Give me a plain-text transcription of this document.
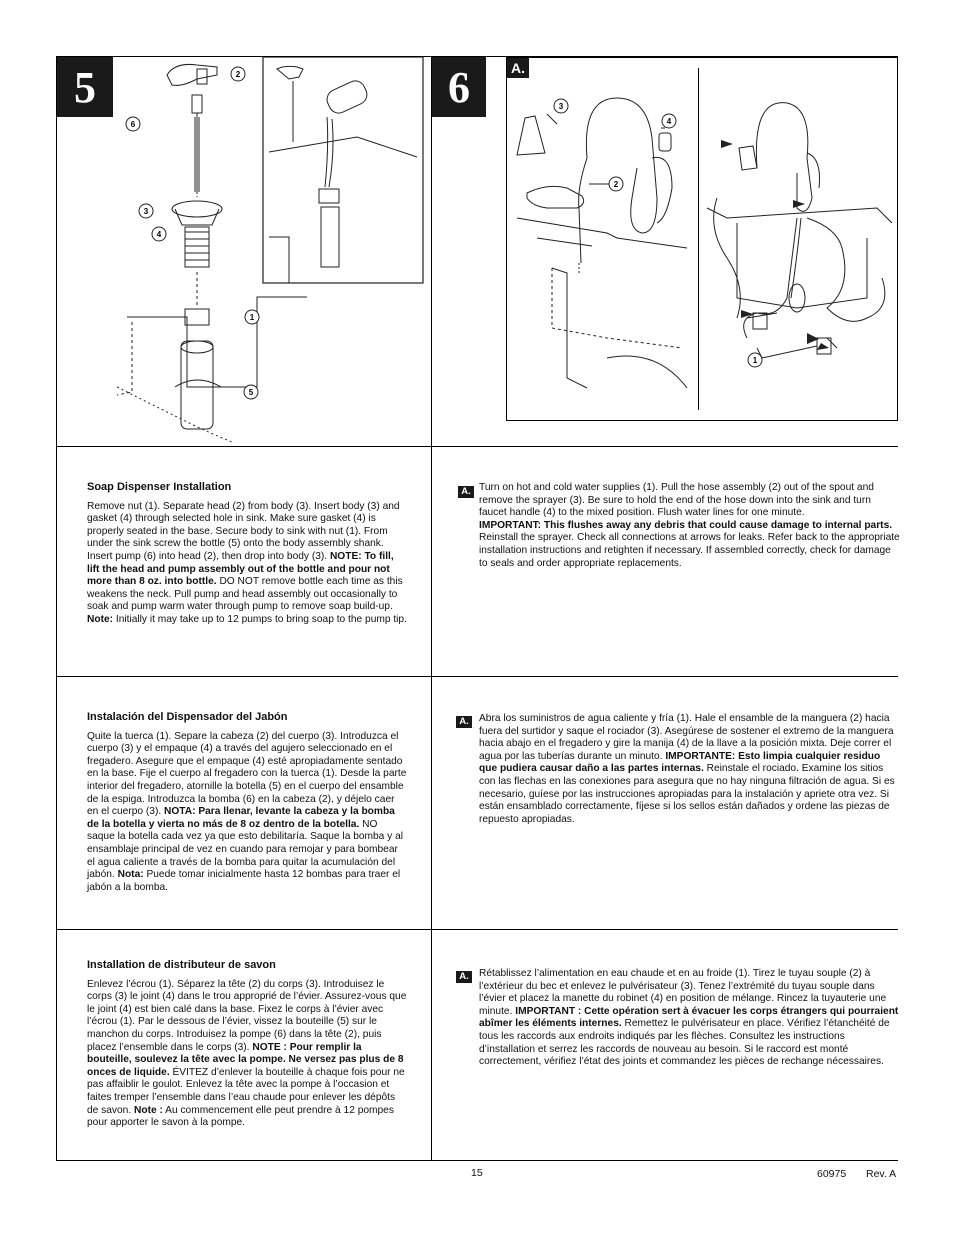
5	6
2
6
3
4
1
5
A.
3
4
2
1
Soap Dispenser Installation

Remove nut (1). Separate head (2) from body (3). Insert body (3) and gasket (4) through selected hole in sink. Make sure gasket (4) is properly seated in the base. Secure body to sink with nut (1). From under the sink screw the bottle (5) onto the body assembly shank. Insert pump (6) into head (2), then drop into body (3). NOTE: To fill, lift the head and pump assembly out of the bottle and pour not more than 8 oz. into bottle. DO NOT remove bottle each time as this weakens the neck. Pull pump and head assembly out occasionally to soak and pump warm water through pump to remove soap build-up. Note: Initially it may take up to 12 pumps to bring soap to the pump tip.

A. Turn on hot and cold water supplies (1). Pull the hose assembly (2) out of the spout and remove the sprayer (3). Be sure to hold the end of the hose down into the sink and turn faucet handle (4) to the mixed position. Flush water lines for one minute.
IMPORTANT: This flushes away any debris that could cause damage to internal parts. Reinstall the sprayer. Check all connections at arrows for leaks. Refer back to the appropriate installation instructions and retighten if necessary. If assembled correctly, check for damage to seals and order appropriate replacements.
Instalación del Dispensador del Jabón

Quite la tuerca (1). Separe la cabeza (2) del cuerpo (3). Introduzca el cuerpo (3) y el empaque (4) a través del agujero seleccionado en el fregadero. Asegure que el empaque (4) esté apropiadamente sentado en la base. Fije el cuerpo al fregadero con la tuerca (1). Desde la parte interior del fregadero, atornille la botella (5) en el cuerpo del ensamble de la espiga. Introduzca la bomba (6) en la cabeza (2), y déjelo caer en el cuerpo (3). NOTA: Para llenar, levante la cabeza y la bomba de la botella y vierta no más de 8 oz dentro de la botella. NO saque la botella cada vez ya que esto debilitaría. Saque la bomba y al ensamblaje principal de vez en cuando para remojar y para bombear el agua caliente a través de la bomba para quitar la acumulación del jabón. Nota: Puede tomar inicialmente hasta 12 bombas para traer el jabón a la bomba.

A.	Abra los suministros de agua caliente y fría (1). Hale el ensamble de la manguera (2) hacia fuera del surtidor y saque el rociador (3). Asegúrese de sostener el extremo de la manguera hacia abajo en el fregadero y gire la manija (4) de la llave a la posición mixta. Deje correr el agua por las tuberías durante un minuto. IMPORTANTE: Esto limpia cualquier residuo que pudiera causar daño a las partes internas. Reinstale el rociado. Examine los sitios con las flechas en las conexiones para asegura que no hay ninguna filtración de agua. Si es necesario, guíese por las instrucciones apropiadas para la instalación y apriete otra vez. Si están ensamblado correctamente, fíjese si los sellos están dañados y ordene las piezas de repuesto apropiadas.
Installation de distributeur de savon

Enlevez l’écrou (1). Séparez la tête (2) du corps (3). Introduisez le corps (3) le joint (4) dans le trou approprié de l’évier. Assurez-vous que le joint (4) est bien calé dans la base. Fixez le corps à l’évier avec l’écrou (1). Par le dessous de l’évier, vissez la bouteille (5) sur le manchon du corps. Introduisez la pompe (6) dans la tête (2), puis placez l’ensemble dans le corps (3). NOTE : Pour remplir la bouteille, soulevez la tête avec la pompe. Ne versez pas plus de 8 onces de liquide. ÉVITEZ d’enlever la bouteille à chaque fois pour ne pas affaiblir le goulot. Enlevez la tête avec la pompe à l’occasion et faites tremper l’ensemble dans l’eau chaude pour enlever les dépôts de savon. Note : Au commencement elle peut prendre à 12 pompes pour apporter le savon à la pompe.

A.	Rétablissez l’alimentation en eau chaude et en au froide (1). Tirez le tuyau souple (2) à l’extérieur du bec et enlevez le pulvérisateur (3). Tenez l’extrémité du tuyau souple dans l’évier et placez la manette du robinet (4) en position de mélange. Rincez la tuyauterie une minute. IMPORTANT : Cette opération sert à évacuer les corps étrangers qui pourraient abîmer les éléments internes. Remettez le pulvérisateur en place. Vérifiez l’étanchéité de tous les raccords aux endroits indiqués par les flèches. Consultez les instructions d’installation et serrez les raccords de nouveau au besoin. Si le raccord est monté correctement, vérifiez l’état des joints et commandez les pièces de rechange nécessaires.
15	60975 Rev. A
